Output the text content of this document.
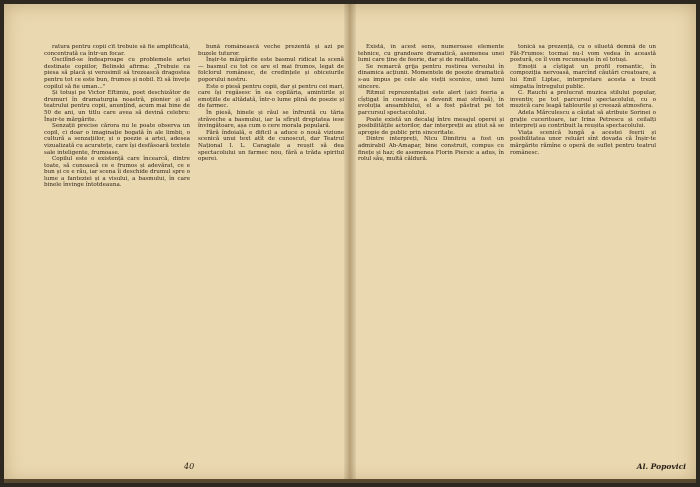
ratura pentru copii cît trebuie să fie amplificată, concentrată ca într-un focar.

Oscilînd-se îndeaproape cu problemele artei destinate copiilor, Belinski afirma: „Trebuie ca piesa să placă și verosimil să trezească dragostea pentru tot ce este bun, frumos și nobil. Ei să învețe copilul să fie uman..."

Și totuși pe Victor Eftimiu, poet deschizător de drumuri în dramaturgia noastră, pionier și al teatrului pentru copii, anunțînd, acum mai bine de 50 de ani, un titlu care avea să devină celebru: Înșir-te mărgărite.

Senzații precise cărora nu le poate observa un copil, ci doar o imaginație bogată în ale limbii, o cultură a senzațiilor, și o poezie a artei, adesea vizualizată cu acuratețe, care își desfăsoară textele sale inteligente, frumoase.

Copilul este o existență care încearcă, dintre toate, să cunoască ce e frumos și adevărat, ce e bun și ce e rău, iar scena îi deschide drumul spre o lume a fanteziei și a visului, a basmului, în care binele învinge întotdeauna.

bună românească veche prezentă și azi pe buzele tuturor.

Înșir-te mărgărite este basmul ridicat la scenă — basmul cu tot ce are el mai frumos, legat de folclorul românesc, de credințele și obiceiurile poporului nostru.

Este o piesă pentru copii, dar și pentru cei mari, care își regăsesc în ea copilăria, amintirile și emoțiile de altădată, într-o lume plină de poezie și de farmec.

În piesă, binele și răul se înfruntă cu tăria străveche a basmului, iar la sfîrșit dreptatea iese învingătoare, așa cum o cere morala populară.

Fără îndoială, e dificil a aduce o nouă viziune scenică unui text atît de cunoscut, dar Teatrul Național I. L. Caragiale a reușit să dea spectacolului un farmec nou, fără a trăda spiritul operei.

40

Există, în acest sens, numeroase elemente tehnice, cu grandoare dramatică, asemenea unei lumi care ține de feerie, dar și de realitate.

Se remarcă grija pentru rostirea versului în dinamica acțiunii. Momentele de poezie dramatică s-au impus pe cele ale vieții scenice, unei lumi sincere.

Ritmul reprezentației este alert (aici feeria a cîștigat în coeziune, a devenit mai strînsă), în evoluția ansamblului, el a fost păstrat pe tot parcursul spectacolului.

Poate există un decalaj între mesajul operei și posibilitățile actorilor, dar interpreții au știut să se apropie de public prin sinceritate.

Dintre interpreți, Nicu Dimitriu a fost un admirabil Ab-Amapar, bine construit, compus cu finețe și haz; de asemenea Florin Piersic a adus, în rolul său, multă căldură.

tonică sa prezență, cu o siluetă demnă de un Făt-Frumos: tocmai nu-l vom vedea în această postură, ce îl vom recunoaște în el totuși.

Emoții a cîștigat un profil romantic, în compoziția nervoasă, marcînd căutări creatoare, a lui Emil Liptac, interpretare acesta a trezit simpatia întregului public.

C. Rauchi a prelucrat muzica stilului popular, inventiv, pe tot parcursul spectacolului, cu o muzică care leagă tablourile și creează atmosfera.

Adela Mărculescu a căutat să atribuie Sorinei o grație cuceritoare, iar Irina Petrescu și ceilalți interpreți au contribuit la reușita spectacolului.

Viața scenică lungă a acestei feerii și posibilitatea unor reluări sînt dovada că Înșir-te mărgărite rămîne o operă de suflet pentru teatrul românesc.

Al. Popovici
